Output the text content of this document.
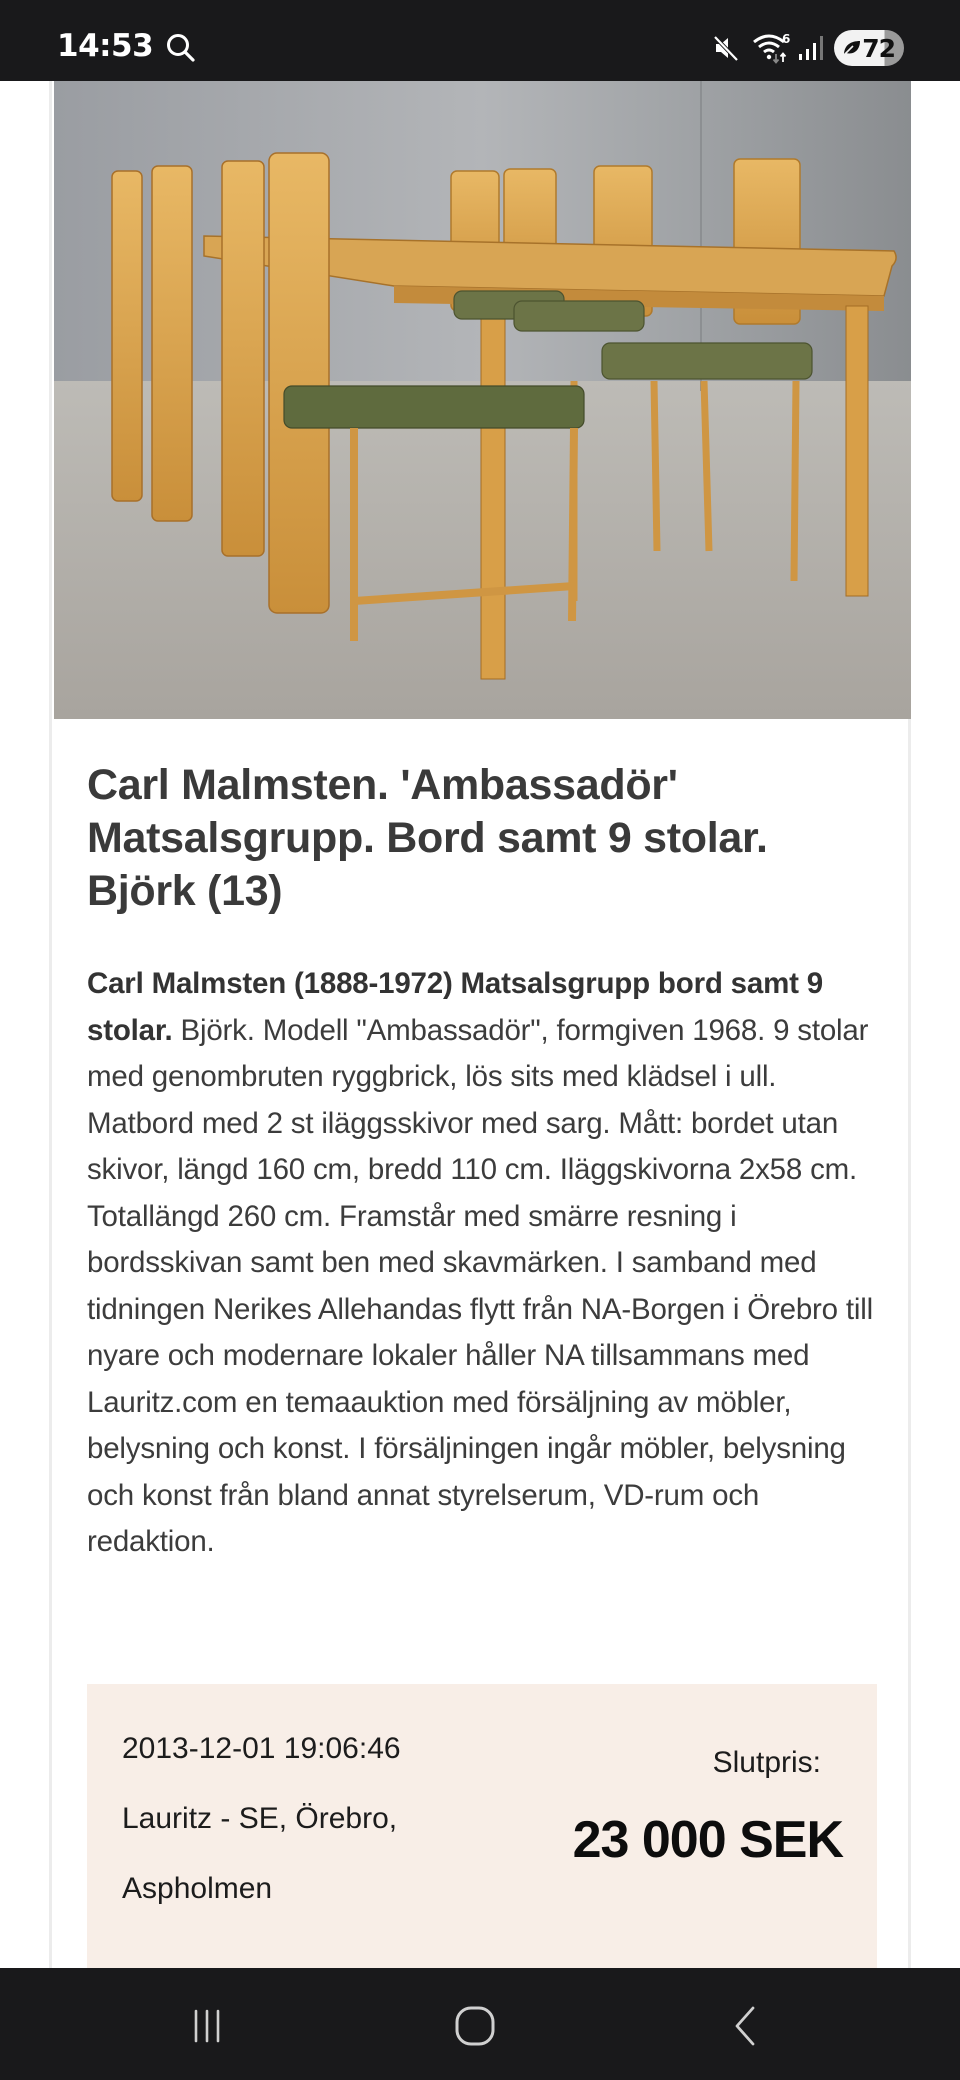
14:53	6	72
Carl Malmsten. 'Ambassadör' Matsalsgrupp. Bord samt 9 stolar. Björk (13)

Carl Malmsten (1888-1972) Matsalsgrupp bord samt 9 stolar. Björk. Modell "Ambassadör", formgiven 1968. 9 stolar med genombruten ryggbrick, lös sits med klädsel i ull. Matbord med 2 st iläggsskivor med sarg. Mått: bordet utan skivor, längd 160 cm, bredd 110 cm. Iläggskivorna 2x58 cm. Totallängd 260 cm. Framstår med smärre resning i bordsskivan samt ben med skavmärken. I samband med tidningen Nerikes Allehandas flytt från NA-Borgen i Örebro till nyare och modernare lokaler håller NA tillsammans med Lauritz.com en temaauktion med försäljning av möbler, belysning och konst. I försäljningen ingår möbler, belysning och konst från bland annat styrelserum, VD-rum och redaktion.

2013-12-01 19:06:46
Lauritz - SE, Örebro,
Aspholmen
Slutpris:
23 000 SEK
